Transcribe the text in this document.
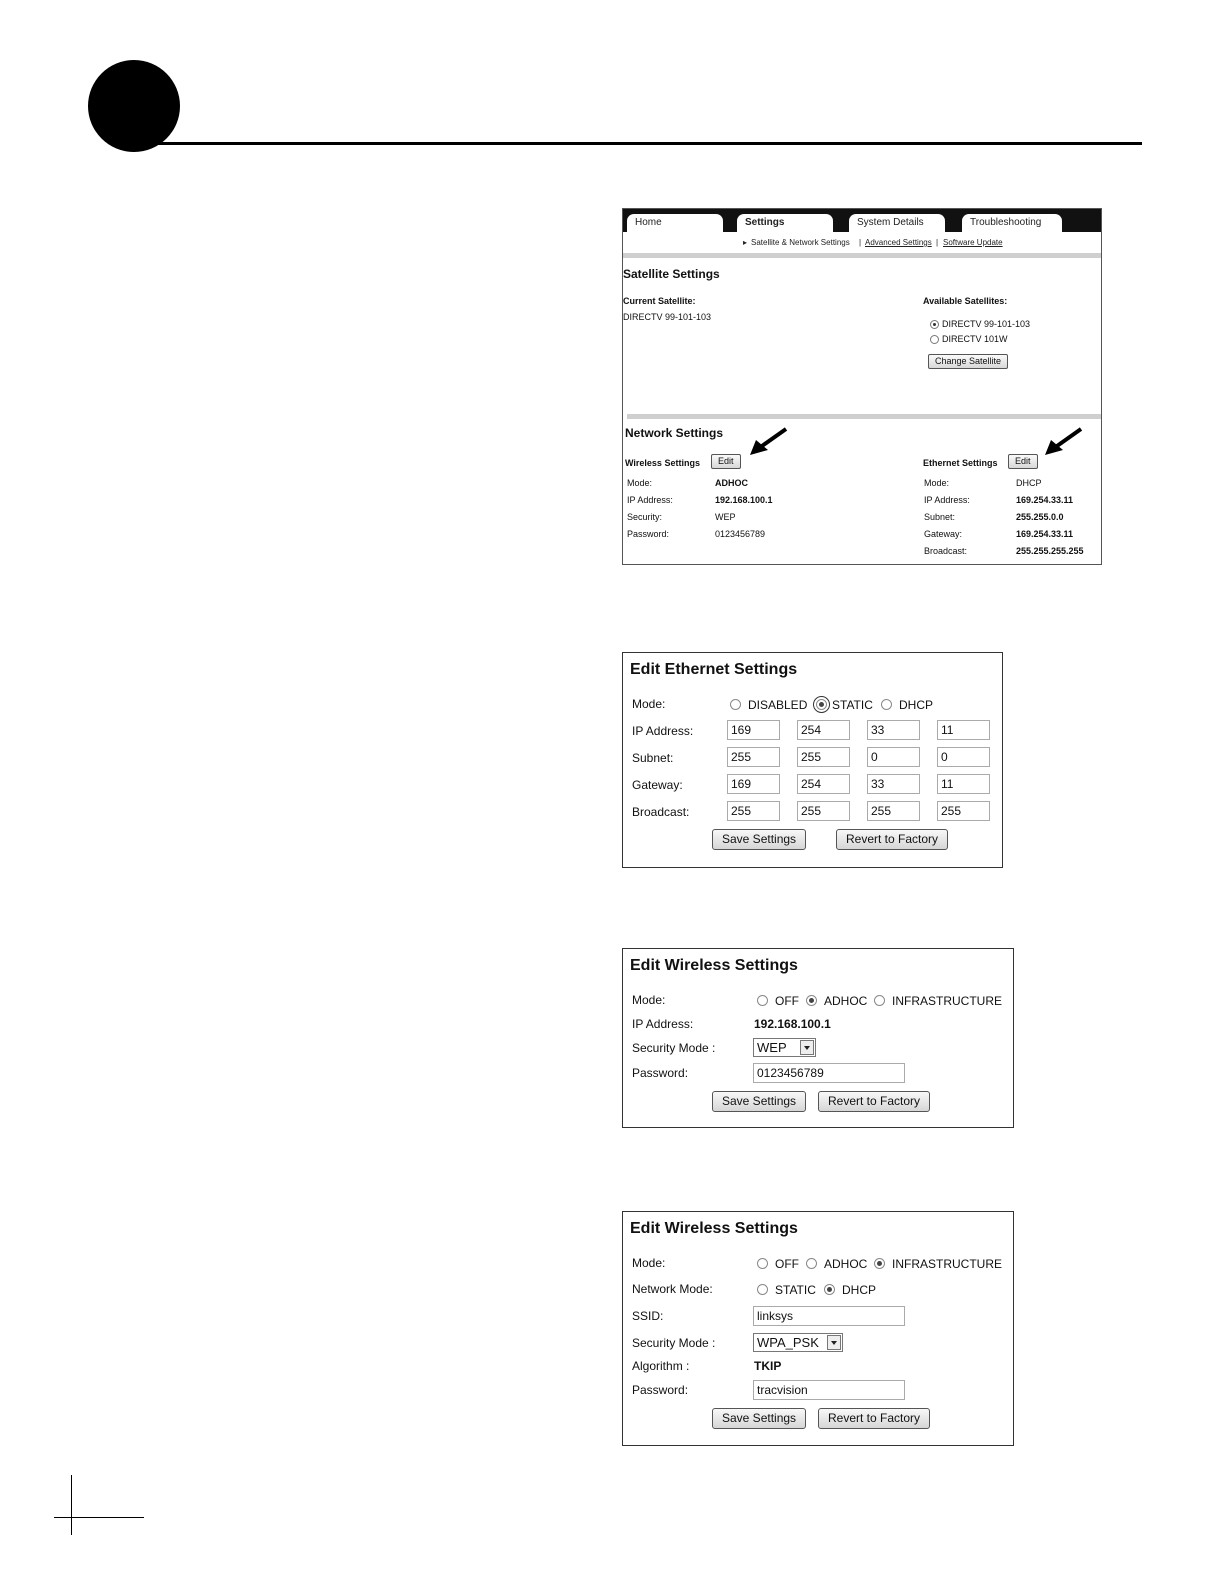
Home	Settings	System Details	Troubleshooting
▸ Satellite & Network Settings | Advanced Settings | Software Update
Satellite Settings
Current Satellite:
DIRECTV 99-101-103
Available Satellites:
DIRECTV 99-101-103
DIRECTV 101W
Change Satellite
Network Settings
Wireless Settings	Edit	Ethernet Settings	Edit
Mode:	ADHOC
IP Address:	192.168.100.1
Security:	WEP
Password:	0123456789
Mode:	DHCP
IP Address:	169.254.33.11
Subnet:	255.255.0.0
Gateway:	169.254.33.11
Broadcast:	255.255.255.255
Edit Ethernet Settings
Mode:	DISABLED STATIC DHCP
IP Address:	169	254	33	11
Subnet:	255	255	0	0
Gateway:	169	254	33	11
Broadcast:	255	255	255	255
Save Settings	Revert to Factory
Edit Wireless Settings
Mode:	OFF ADHOC INFRASTRUCTURE
IP Address:	192.168.100.1
Security Mode :	WEP
Password:	0123456789
Save Settings	Revert to Factory
Edit Wireless Settings
Mode:	OFF ADHOC INFRASTRUCTURE
Network Mode:	STATIC DHCP
SSID:	linksys
Security Mode :	WPA_PSK
Algorithm :	TKIP
Password:	tracvision
Save Settings	Revert to Factory
